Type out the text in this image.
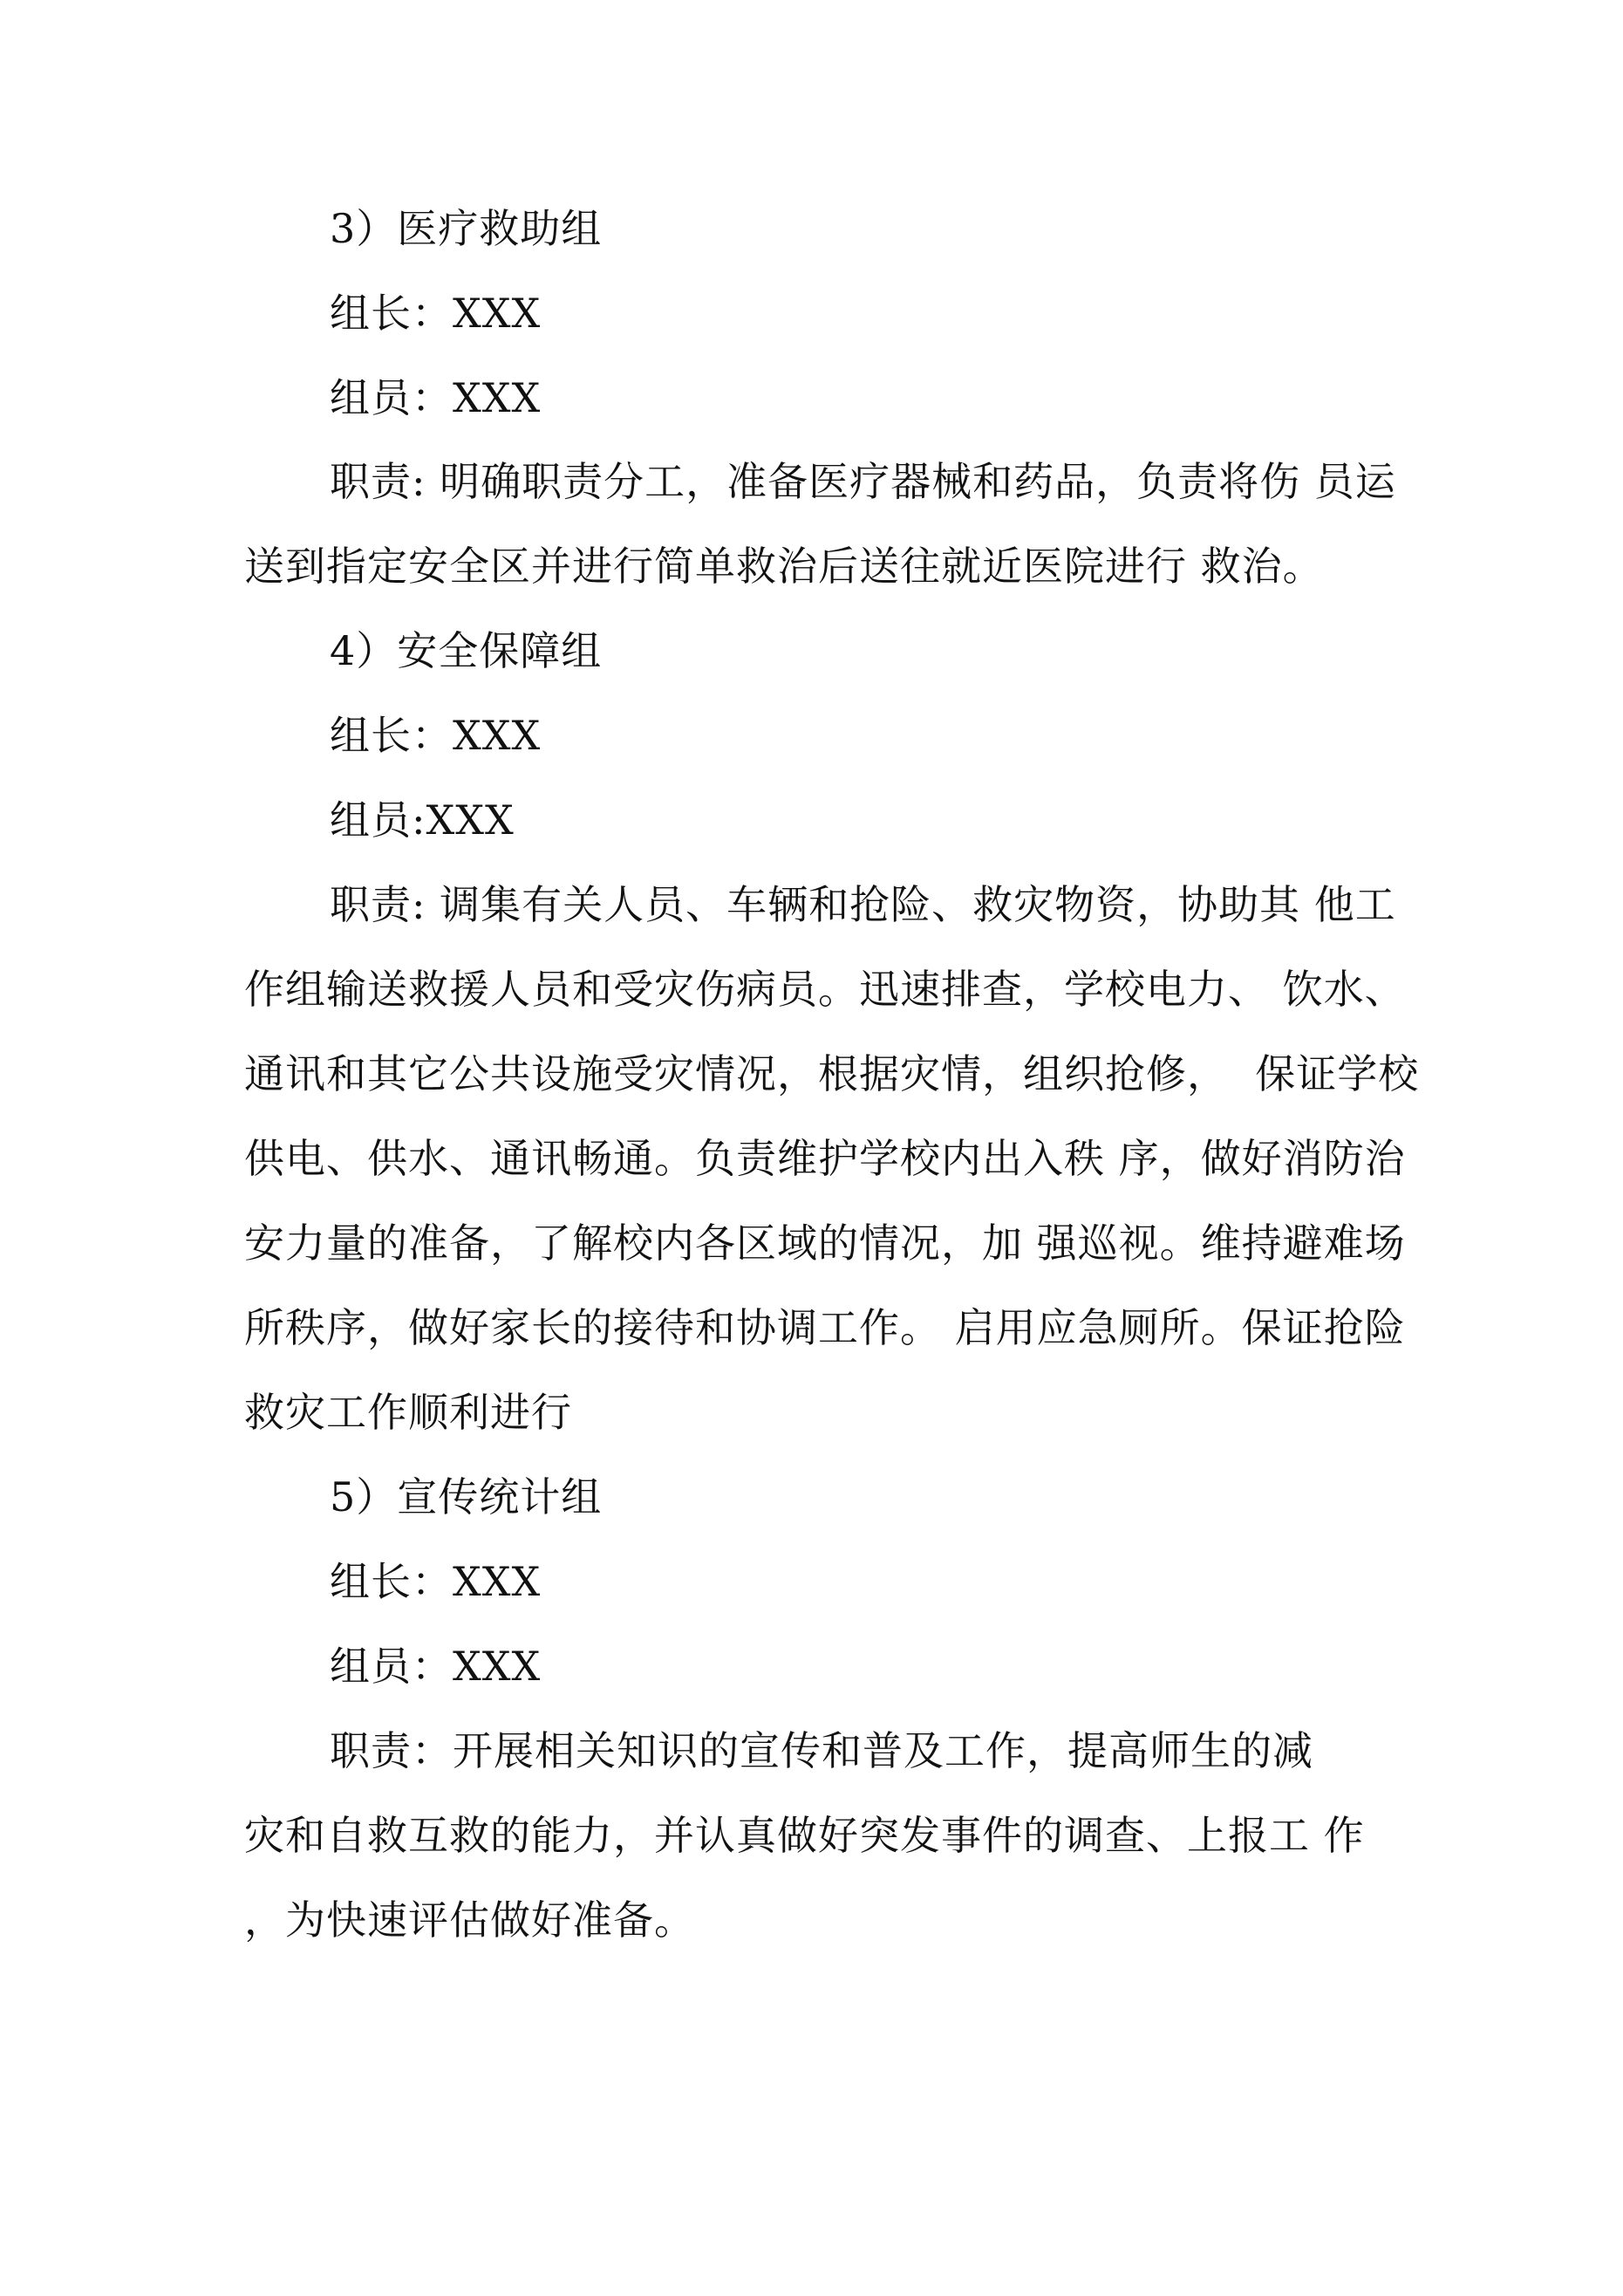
3）医疗救助组
组长：XXX
组员：XXX
职责: 明确职责分工，准备医疗器械和药品，负责将伤 员运
送到指定安全区并进行简单救治后送往就近医院进行 救治。
4）安全保障组
组长：XXX
组员:XXX
职责: 调集有关人员、车辆和抢险、救灾物资，协助其 他工
作组输送救援人员和受灾伤病员。迅速排查，学校电力、 饮水、
通讯和其它公共设施受灾情况，根据灾情，组织抢修，  保证学校
供电、供水、通讯畅通。负责维护学校内出入秩 序，做好消防治
安力量的准备，了解校内各区域的情况，加 强巡视。维持避难场
所秩序，做好家长的接待和协调工作。 启用应急厕所。保证抢险
救灾工作顺利进行
5）宣传统计组
组长：XXX
组员：XXX
职责：开展相关知识的宣传和普及工作，提高师生的减
灾和自救互救的能力，并认真做好突发事件的调查、上报工 作
，为快速评估做好准备。
